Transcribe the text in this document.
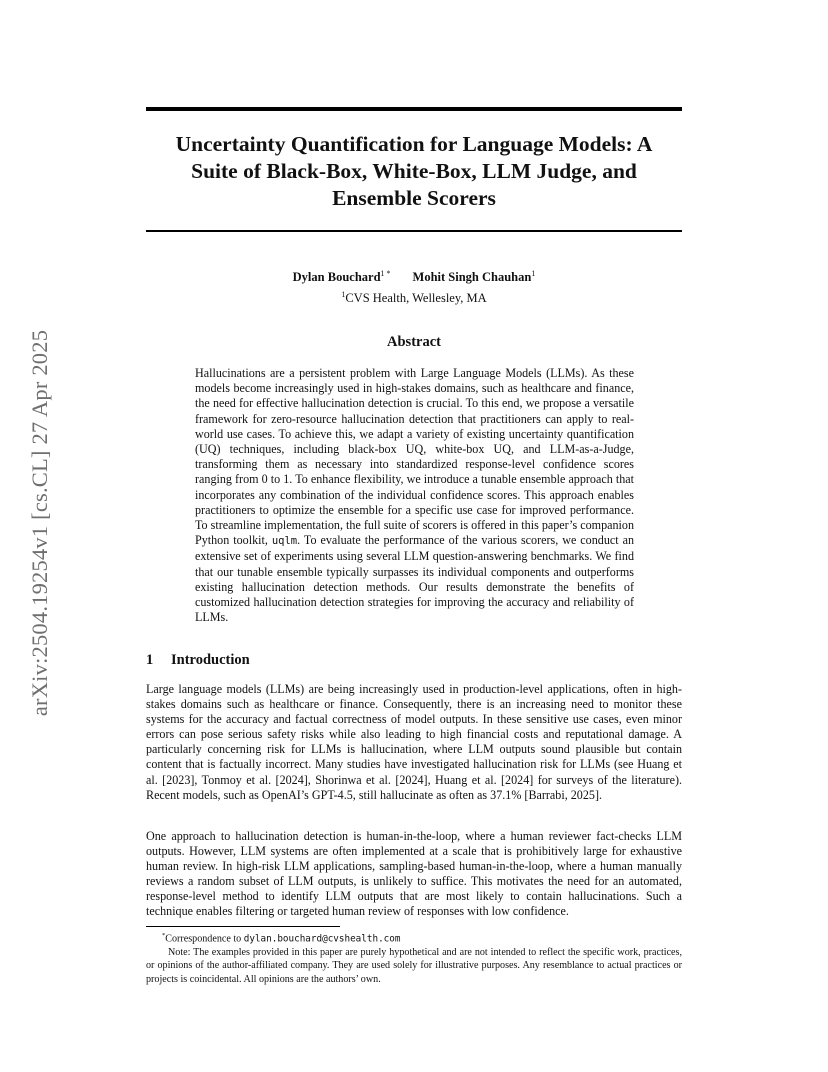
arXiv:2504.19254v1 [cs.CL] 27 Apr 2025
Uncertainty Quantification for Language Models: A
Suite of Black-Box, White-Box, LLM Judge, and
Ensemble Scorers
Dylan Bouchard$^{1 *}$ Mohit Singh Chauhan$^1$
$^1$CVS Health, Wellesley, MA
Abstract

Hallucinations are a persistent problem with Large Language Models (LLMs). As these models become increasingly used in high-stakes domains, such as healthcare and finance, the need for effective hallucination detection is crucial. To this end, we propose a versatile framework for zero-resource hallucination detection that practitioners can apply to real-world use cases. To achieve this, we adapt a variety of existing uncertainty quantification (UQ) techniques, including black-box UQ, white-box UQ, and LLM-as-a-Judge, transforming them as necessary into standardized response-level confidence scores ranging from 0 to 1. To enhance flexibility, we introduce a tunable ensemble approach that incorporates any combination of the individual confidence scores. This approach enables practitioners to optimize the ensemble for a specific use case for improved performance. To streamline implementation, the full suite of scorers is offered in this paper’s companion Python toolkit, uqlm. To evaluate the performance of the various scorers, we conduct an extensive set of experiments using several LLM question-answering benchmarks. We find that our tunable ensemble typically surpasses its individual components and outperforms existing hallucination detection methods. Our results demonstrate the benefits of customized hallucination detection strategies for improving the accuracy and reliability of LLMs.

1 Introduction

Large language models (LLMs) are being increasingly used in production-level applications, often in high-stakes domains such as healthcare or finance. Consequently, there is an increasing need to monitor these systems for the accuracy and factual correctness of model outputs. In these sensitive use cases, even minor errors can pose serious safety risks while also leading to high financial costs and reputational damage. A particularly concerning risk for LLMs is hallucination, where LLM outputs sound plausible but contain content that is factually incorrect. Many studies have investigated hallucination risk for LLMs (see Huang et al. [2023], Tonmoy et al. [2024], Shorinwa et al. [2024], Huang et al. [2024] for surveys of the literature). Recent models, such as OpenAI’s GPT-4.5, still hallucinate as often as 37.1% [Barrabi, 2025].

One approach to hallucination detection is human-in-the-loop, where a human reviewer fact-checks LLM outputs. However, LLM systems are often implemented at a scale that is prohibitively large for exhaustive human review. In high-risk LLM applications, sampling-based human-in-the-loop, where a human manually reviews a random subset of LLM outputs, is unlikely to suffice. This motivates the need for an automated, response-level method to identify LLM outputs that are most likely to contain hallucinations. Such a technique enables filtering or targeted human review of responses with low confidence.

*Correspondence to dylan.bouchard@cvshealth.com

Note: The examples provided in this paper are purely hypothetical and are not intended to reflect the specific work, practices, or opinions of the author-affiliated company. They are used solely for illustrative purposes. Any resemblance to actual practices or projects is coincidental. All opinions are the authors’ own.
